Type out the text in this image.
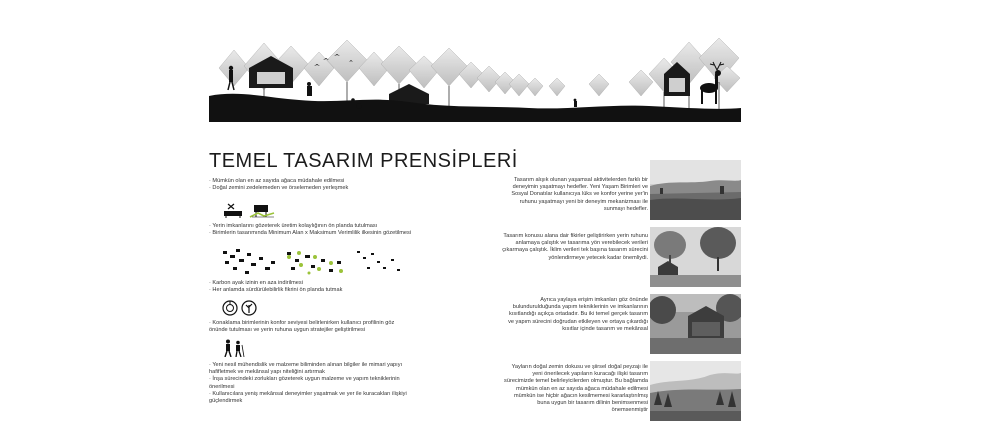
TEMEL TASARIM PRENSİPLERİ
· Mümkün olan en az sayıda ağaca müdahale edilmesi
· Doğal zemini zedelemeden ve örselemeden yerleşmek
· Yerin imkanlarını gözeterek üretim kolaylığının ön planda tutulması
· Birimlerin tasarımında Minimum Alan x Maksimum Verimlilik ilkesinin gözetilmesi
· Karbon ayak izinin en aza indirilmesi
· Her anlamda sürdürülebilirlik fikrini ön planda tutmak
· Konaklama birimlerinin konfor seviyesi belirlenirken kullanıcı profilinin göz önünde tutulması ve yerin ruhuna uygun stratejiler geliştirilmesi
· Yeni nesil mühendislik ve malzeme biliminden alınan bilgiler ile mimari yapıyı hafifletmek ve mekânsal yapı niteliğini artırmak
· İnşa sürecindeki zorlukları gözeterek uygun malzeme ve yapım tekniklerinin önerilmesi
· Kullanıcılara yeniş mekânsal deneyimler yaşatmak ve yer ile kuracakları ilişkiyi güçlendirmek
Tasarım alışık olunan yaşamsal aktivitelerden farklı bir deneyimin yaşatmayı hedefler. Yeni Yaşam Birimleri ve Sosyal Donatılar kullanıcıya lüks ve konfor yerine yer'in ruhunu yaşatmayı yeni bir deneyim mekanizması ile sunmayı hedefler.
Tasarım konusu alana dair fikirler geliştirirken yerin ruhunu anlamaya çalıştık ve tasarıma yön verebilecek verileri çıkarmaya çalıştık. İklim verileri tek başına tasarım sürecini yönlendirmeye yetecek kadar önemliydi.
Ayrıca yaylaya erişim imkanları göz önünde bulundurulduğunda yapım tekniklerinin ve imkanlarının kısıtlandığı açıkça ortadadır. Bu iki temel gerçek tasarım ve yapım sürecini doğrudan etkileyen ve ortaya çıkardığı kısıtlar içinde tasarım ve mekânsal
Yayların doğal zemin dokusu ve şiirsel doğal peyzajı ile yeni önerilecek yapıların kuracağı ilişki tasarım sürecimizde temel belirleyicilerden olmuştur. Bu bağlamda mümkün olan en az sayıda ağaca müdahale edilmesi mümkün ise hiçbir ağacın kesilmemesi kararlaştırılmış buna uygun bir tasarım dilinin benimsenmesi önemsenmiştir
